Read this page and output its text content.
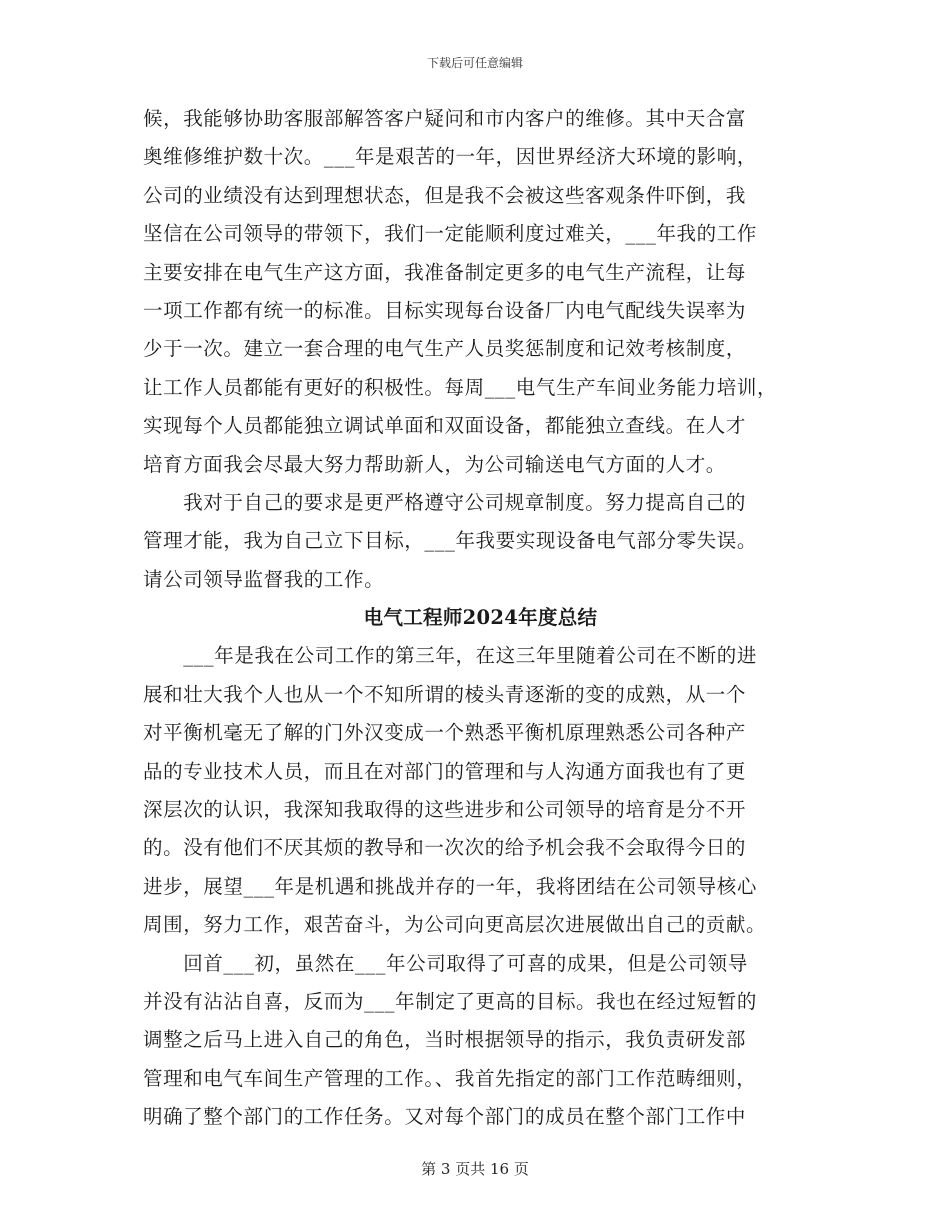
下载后可任意编辑
候，我能够协助客服部解答客户疑问和市内客户的维修。其中天合富
奥维修维护数十次。___年是艰苦的一年，因世界经济大环境的影响，
公司的业绩没有达到理想状态，但是我不会被这些客观条件吓倒，我
坚信在公司领导的带领下，我们一定能顺利度过难关，___年我的工作
主要安排在电气生产这方面，我准备制定更多的电气生产流程，让每
一项工作都有统一的标准。目标实现每台设备厂内电气配线失误率为
少于一次。建立一套合理的电气生产人员奖惩制度和记效考核制度，
让工作人员都能有更好的积极性。每周___电气生产车间业务能力培训，
实现每个人员都能独立调试单面和双面设备，都能独立查线。在人才
培育方面我会尽最大努力帮助新人，为公司输送电气方面的人才。
　　我对于自己的要求是更严格遵守公司规章制度。努力提高自己的
管理才能，我为自己立下目标，___年我要实现设备电气部分零失误。
请公司领导监督我的工作。
电气工程师2024年度总结
　　___年是我在公司工作的第三年，在这三年里随着公司在不断的进
展和壮大我个人也从一个不知所谓的棱头青逐渐的变的成熟，从一个
对平衡机毫无了解的门外汉变成一个熟悉平衡机原理熟悉公司各种产
品的专业技术人员，而且在对部门的管理和与人沟通方面我也有了更
深层次的认识，我深知我取得的这些进步和公司领导的培育是分不开
的。没有他们不厌其烦的教导和一次次的给予机会我不会取得今日的
进步，展望___年是机遇和挑战并存的一年，我将团结在公司领导核心
周围，努力工作，艰苦奋斗，为公司向更高层次进展做出自己的贡献。
　　回首___初，虽然在___年公司取得了可喜的成果，但是公司领导
并没有沾沾自喜，反而为___年制定了更高的目标。我也在经过短暂的
调整之后马上进入自己的角色，当时根据领导的指示，我负责研发部
管理和电气车间生产管理的工作。、我首先指定的部门工作范畴细则，
明确了整个部门的工作任务。又对每个部门的成员在整个部门工作中
第 3 页共 16 页
